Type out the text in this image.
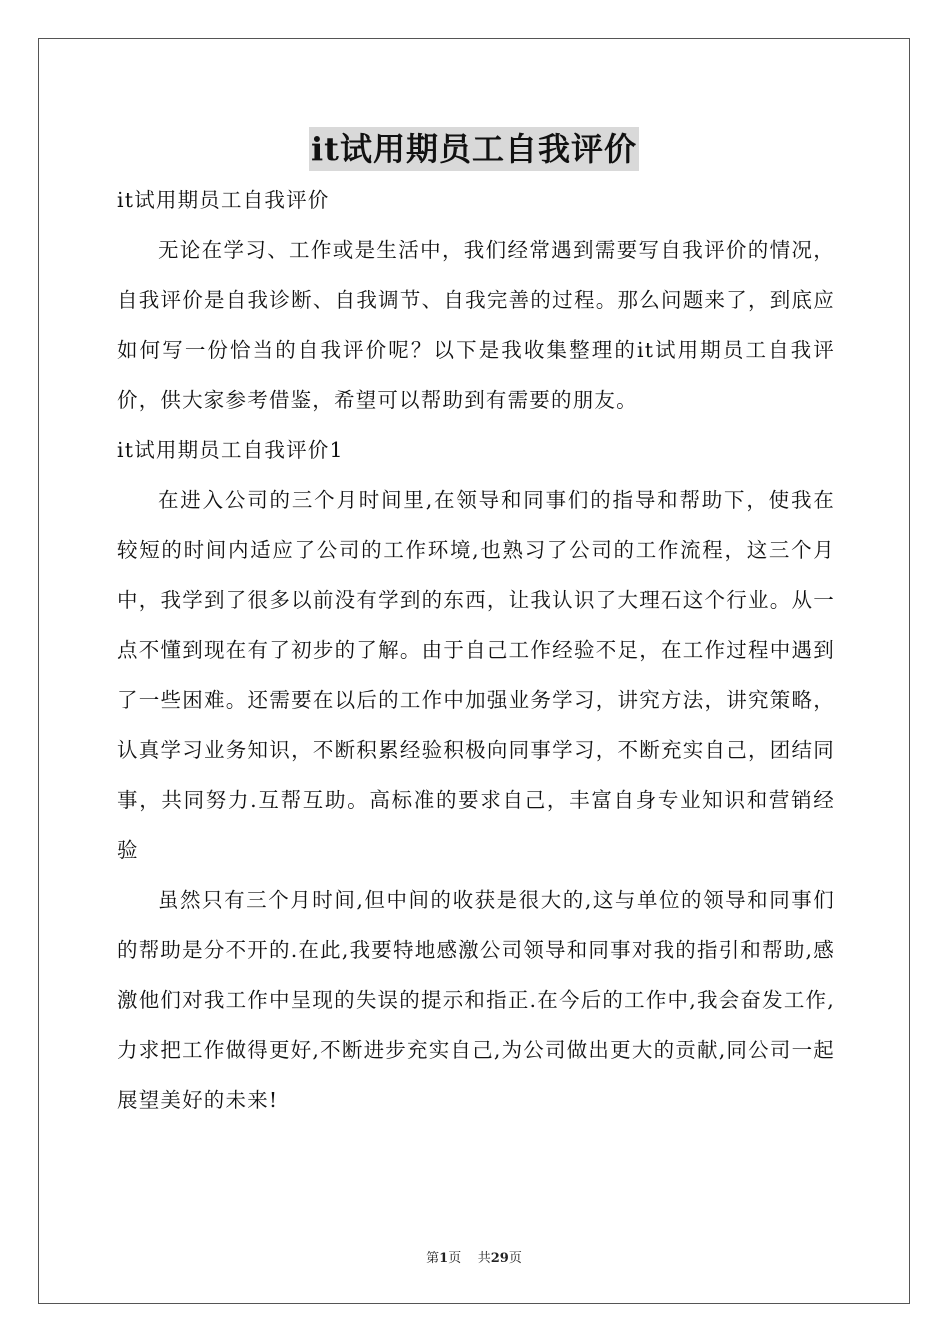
it试用期员工自我评价

it试用期员工自我评价

无论在学习、工作或是生活中，我们经常遇到需要写自我评价的情况，自我评价是自我诊断、自我调节、自我完善的过程。那么问题来了，到底应如何写一份恰当的自我评价呢？以下是我收集整理的it试用期员工自我评价，供大家参考借鉴，希望可以帮助到有需要的朋友。

it试用期员工自我评价1

在进入公司的三个月时间里,在领导和同事们的指导和帮助下，使我在较短的时间内适应了公司的工作环境,也熟习了公司的工作流程，这三个月中，我学到了很多以前没有学到的东西，让我认识了大理石这个行业。从一点不懂到现在有了初步的了解。由于自己工作经验不足，在工作过程中遇到了一些困难。还需要在以后的工作中加强业务学习，讲究方法，讲究策略，认真学习业务知识，不断积累经验积极向同事学习，不断充实自己，团结同事，共同努力.互帮互助。高标准的要求自己，丰富自身专业知识和营销经验

虽然只有三个月时间,但中间的收获是很大的,这与单位的领导和同事们的帮助是分不开的.在此,我要特地感激公司领导和同事对我的指引和帮助,感激他们对我工作中呈现的失误的提示和指正.在今后的工作中,我会奋发工作,力求把工作做得更好,不断进步充实自己,为公司做出更大的贡献,同公司一起展望美好的未来!

第1页 共29页
